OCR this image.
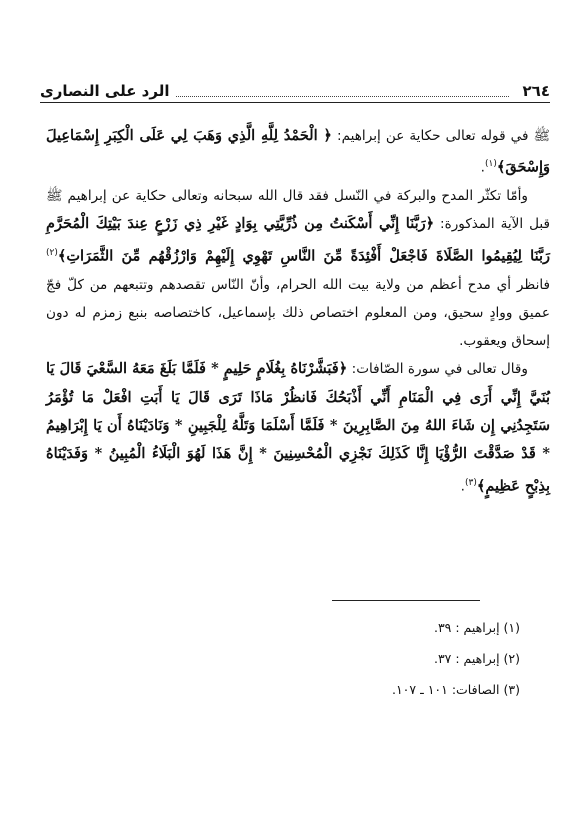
٢٦٤
الرد على النصارى

ﷺ في قوله تعالى حكاية عن إبراهيم: ﴿ الْحَمْدُ لِلَّهِ الَّذِي وَهَبَ لِي عَلَى الْكِبَرِ إِسْمَاعِيلَ وَإِسْحَقَ﴾$^{(١)}$.

وأمّا تكثّر المدح والبركة في النّسل فقد قال الله سبحانه وتعالى حكاية عن إبراهيم ﷺ قبل الآية المذكورة: ﴿رَبَّنَا إِنِّي أَسْكَنتُ مِن ذُرِّيَّتِي بِوَادٍ غَيْرِ ذِي زَرْعٍ عِندَ بَيْتِكَ الْمُحَرَّمِ رَبَّنَا لِيُقِيمُوا الصَّلَاةَ فَاجْعَلْ أَفْئِدَةً مِّنَ النَّاسِ تَهْوِي إِلَيْهِمْ وَارْزُقْهُم مِّنَ الثَّمَرَاتِ﴾$^{(٢)}$ فانظر أي مدح أعظم من ولاية بيت الله الحرام، وأنّ النّاس تقصدهم وتتبعهم من كلّ فجّ عميق ووادٍ سحيق، ومن المعلوم اختصاص ذلك بإسماعيل، كاختصاصه بنبع زمزم له دون إسحاق ويعقوب.

وقال تعالى في سورة الصّافات: ﴿فَبَشَّرْنَاهُ بِغُلَامٍ حَلِيمٍ * فَلَمَّا بَلَغَ مَعَهُ السَّعْيَ قَالَ يَا بُنَيَّ إِنِّي أَرَى فِي الْمَنَامِ أَنِّي أَذْبَحُكَ فَانظُرْ مَاذَا تَرَى قَالَ يَا أَبَتِ افْعَلْ مَا تُؤْمَرُ سَتَجِدُنِي إِن شَاءَ اللهُ مِنَ الصَّابِرِينَ * فَلَمَّا أَسْلَمَا وَتَلَّهُ لِلْجَبِينِ * وَنَادَيْنَاهُ أَن يَا إِبْرَاهِيمُ * قَدْ صَدَّقْتَ الرُّؤْيَا إِنَّا كَذَلِكَ نَجْزِي الْمُحْسِنِينَ * إِنَّ هَذَا لَهُوَ الْبَلَاءُ الْمُبِينُ * وَفَدَيْنَاهُ بِذِبْحٍ عَظِيمٍ﴾$^{(٣)}$.

(١) إبراهيم : ٣٩.
(٢) إبراهيم : ٣٧.
(٣) الصافات: ١٠١ ـ ١٠٧.
